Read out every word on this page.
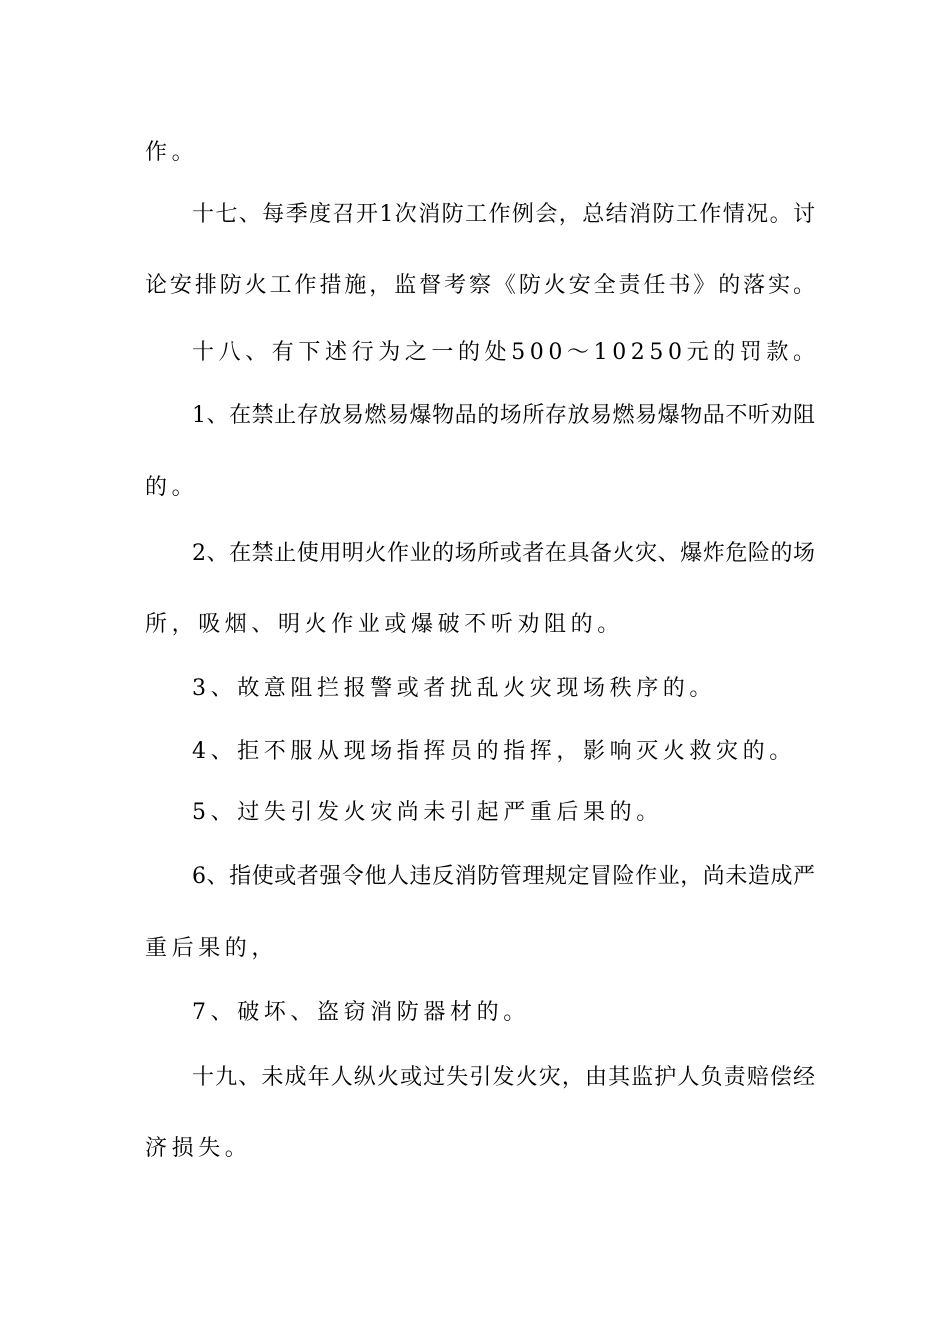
作。
十七、每季度召开1次消防工作例会，总结消防工作情况。讨
论安排防火工作措施，监督考察《防火安全责任书》的落实。
十八、有下述行为之一的处500～10250元的罚款。
1、在禁止存放易燃易爆物品的场所存放易燃易爆物品不听劝阻
的。
2、在禁止使用明火作业的场所或者在具备火灾、爆炸危险的场
所，吸烟、明火作业或爆破不听劝阻的。
3、故意阻拦报警或者扰乱火灾现场秩序的。
4、拒不服从现场指挥员的指挥，影响灭火救灾的。
5、过失引发火灾尚未引起严重后果的。
6、指使或者强令他人违反消防管理规定冒险作业，尚未造成严
重后果的，
7、破坏、盗窃消防器材的。
十九、未成年人纵火或过失引发火灾，由其监护人负责赔偿经
济损失。
